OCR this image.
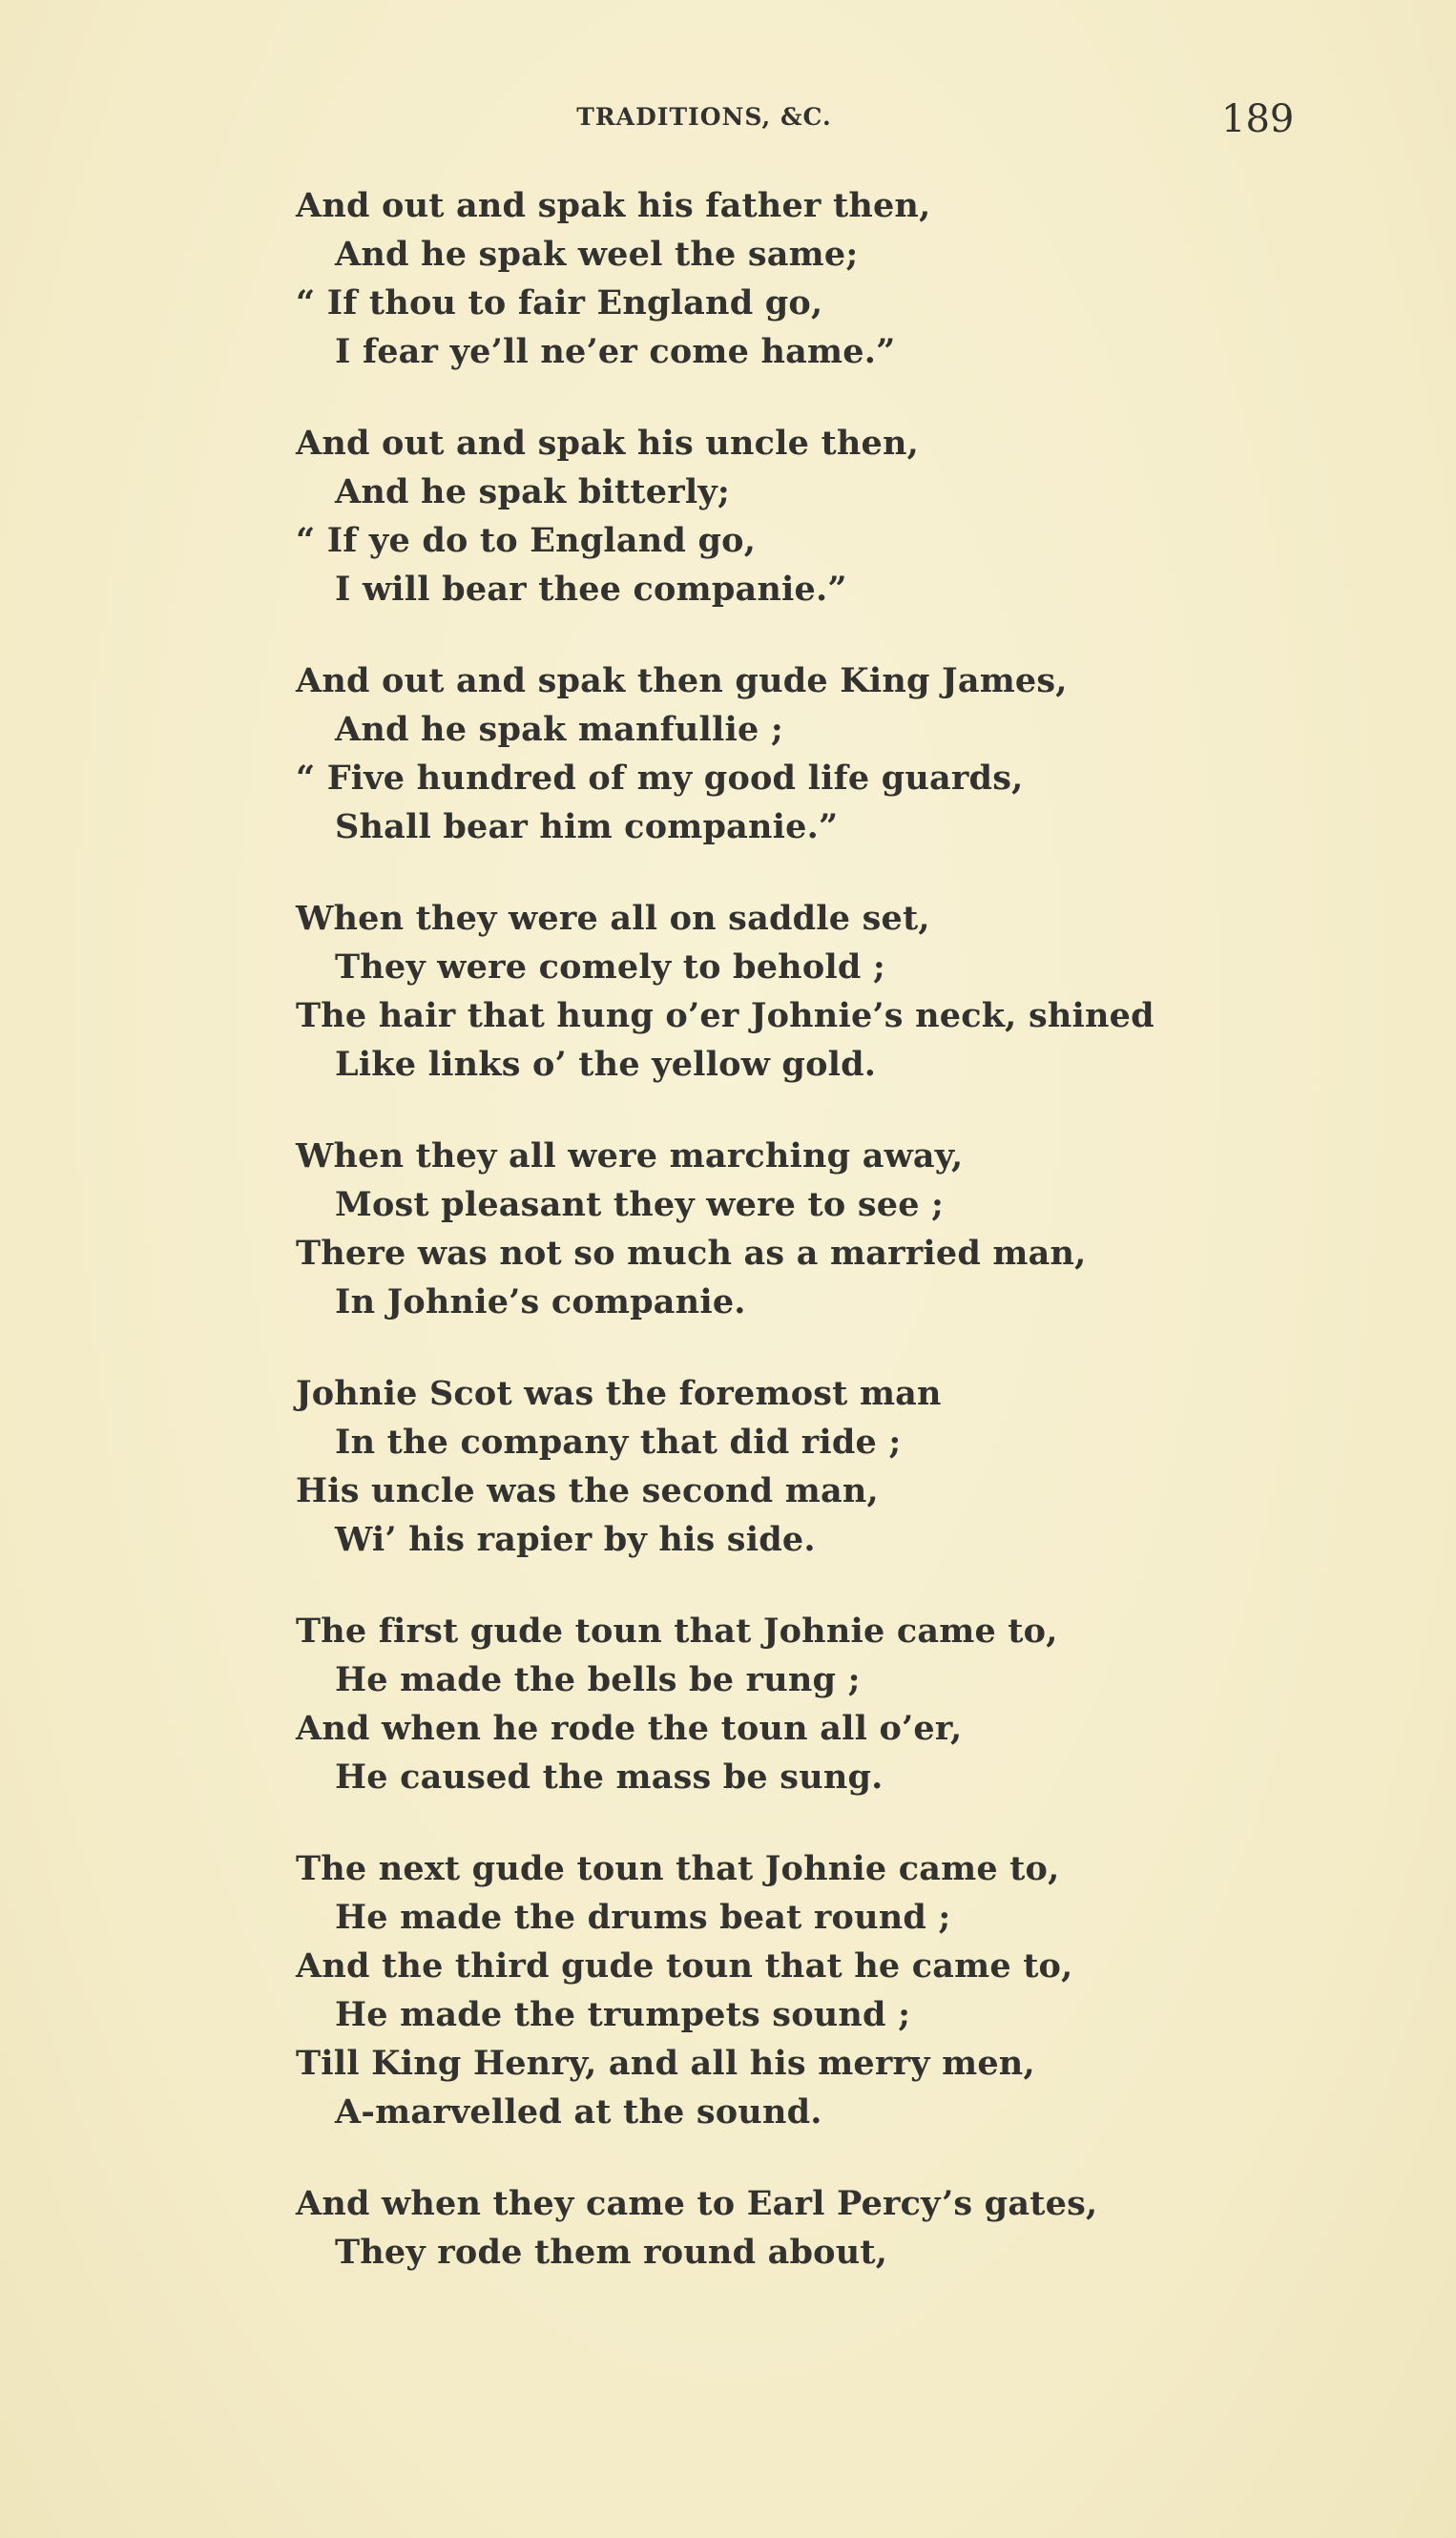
TRADITIONS, &C.	189
And out and spak his father then,
And he spak weel the same;
“ If thou to fair England go,
I fear ye’ll ne’er come hame.”
And out and spak his uncle then,
And he spak bitterly;
“ If ye do to England go,
I will bear thee companie.”
And out and spak then gude King James,
And he spak manfullie ;
“ Five hundred of my good life guards,
Shall bear him companie.”
When they were all on saddle set,
They were comely to behold ;
The hair that hung o’er Johnie’s neck, shined
Like links o’ the yellow gold.
When they all were marching away,
Most pleasant they were to see ;
There was not so much as a married man,
In Johnie’s companie.
Johnie Scot was the foremost man
In the company that did ride ;
His uncle was the second man,
Wi’ his rapier by his side.
The first gude toun that Johnie came to,
He made the bells be rung ;
And when he rode the toun all o’er,
He caused the mass be sung.
The next gude toun that Johnie came to,
He made the drums beat round ;
And the third gude toun that he came to,
He made the trumpets sound ;
Till King Henry, and all his merry men,
A-marvelled at the sound.
And when they came to Earl Percy’s gates,
They rode them round about,
